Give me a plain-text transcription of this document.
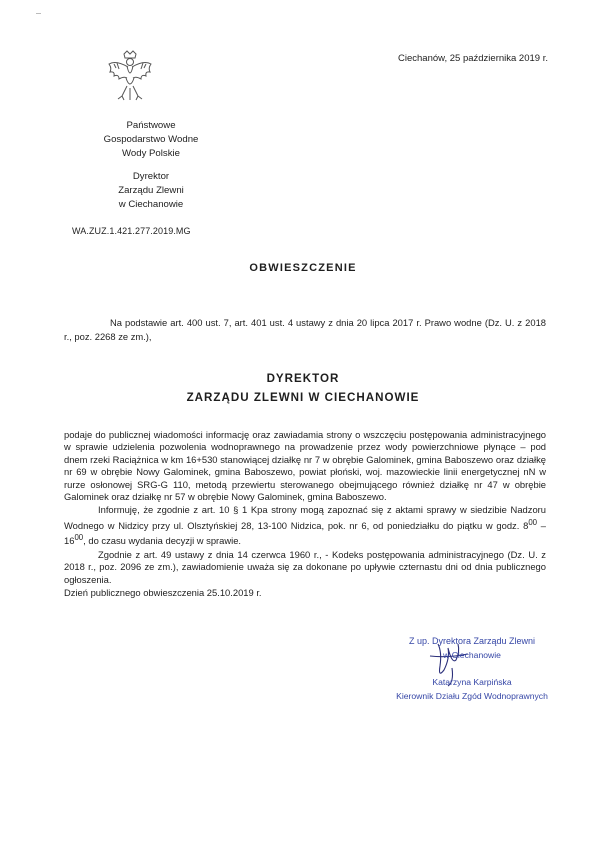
Ciechanów, 25 października 2019 r.
Państwowe
Gospodarstwo Wodne
Wody Polskie
Dyrektor
Zarządu Zlewni
w Ciechanowie
WA.ZUZ.1.421.277.2019.MG
OBWIESZCZENIE
Na podstawie art. 400 ust. 7, art. 401 ust. 4 ustawy z dnia 20 lipca 2017 r. Prawo wodne (Dz. U. z 2018 r., poz. 2268 ze zm.),
DYREKTOR
ZARZĄDU ZLEWNI W CIECHANOWIE

podaje do publicznej wiadomości informację oraz zawiadamia strony o wszczęciu postępowania administracyjnego w sprawie udzielenia pozwolenia wodnoprawnego na prowadzenie przez wody powierzchniowe płynące – pod dnem rzeki Raciążnica w km 16+530 stanowiącej działkę nr 7 w obrębie Galominek, gmina Baboszewo oraz działkę nr 69 w obrębie Nowy Galominek, gmina Baboszewo, powiat płoński, woj. mazowieckie linii energetycznej nN w rurze osłonowej SRG-G 110, metodą przewiertu sterowanego obejmującego również działkę nr 47 w obrębie Galominek oraz działkę nr 57 w obrębie Nowy Galominek, gmina Baboszewo.

Informuję, że zgodnie z art. 10 § 1 Kpa strony mogą zapoznać się z aktami sprawy w siedzibie Nadzoru Wodnego w Nidzicy przy ul. Olsztyńskiej 28, 13-100 Nidzica, pok. nr 6, od poniedziałku do piątku w godz. $8^{00} - 16^{00}$, do czasu wydania decyzji w sprawie.

Zgodnie z art. 49 ustawy z dnia 14 czerwca 1960 r., - Kodeks postępowania administracyjnego (Dz. U. z 2018 r., poz. 2096 ze zm.), zawiadomienie uważa się za dokonane po upływie czternastu dni od dnia publicznego ogłoszenia.

Dzień publicznego obwieszczenia 25.10.2019 r.

Z up. Dyrektora Zarządu Zlewni
w Ciechanowie
Katarzyna Karpińska
Kierownik Działu Zgód Wodnoprawnych
